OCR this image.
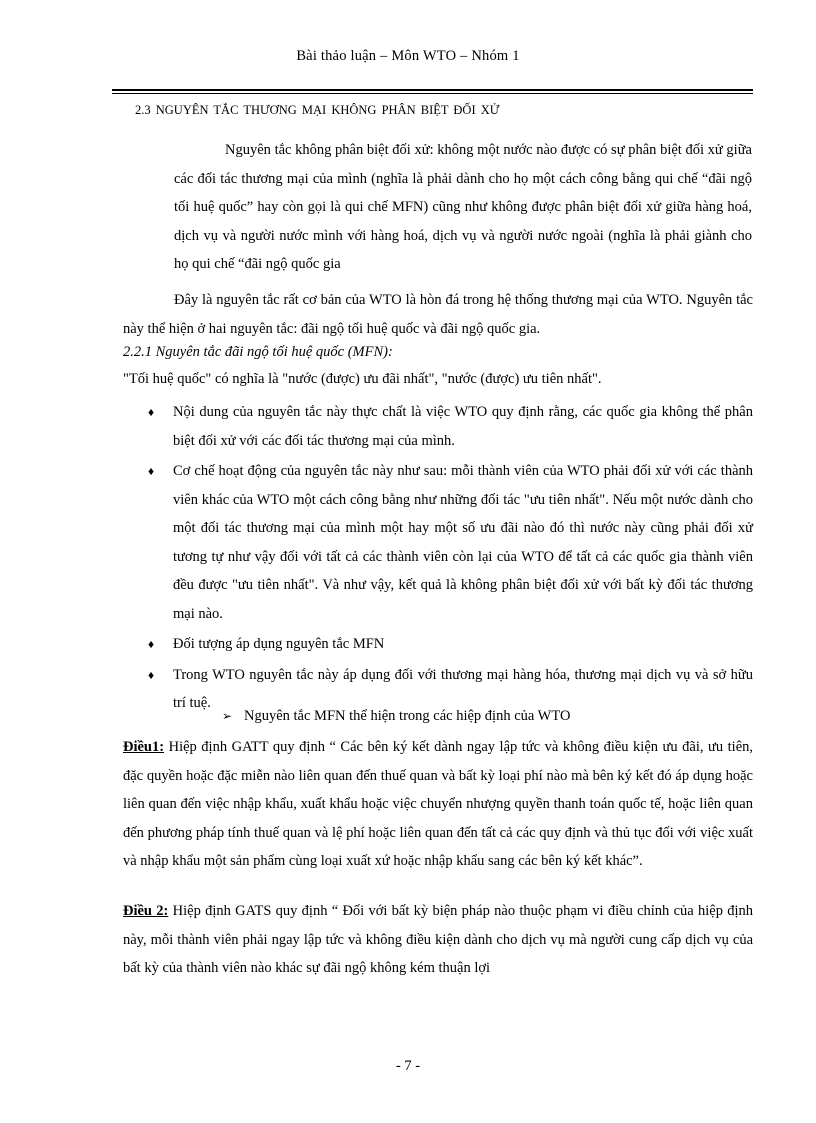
Bài thảo luận – Môn WTO – Nhóm 1
2.3 NGUYÊN TẮC THƯƠNG MẠI KHÔNG PHÂN BIỆT ĐỐI XỬ
Nguyên tắc không phân biệt đối xử: không một nước nào được có sự phân biệt đối xử giữa các đối tác thương mại của mình (nghĩa là phải dành cho họ một cách công bằng qui chế “đãi ngộ tối huệ quốc” hay còn gọi là qui chế MFN) cũng như không được phân biệt đối xử giữa hàng hoá, dịch vụ và người nước mình với hàng hoá, dịch vụ và người nước ngoài (nghĩa là phải giành cho họ qui chế “đãi ngộ quốc gia
Đây là nguyên tắc rất cơ bản của WTO là hòn đá trong hệ thống thương mại của WTO. Nguyên tắc này thể hiện ở hai nguyên tắc: đãi ngộ tối huệ quốc và đãi ngộ quốc gia.
2.2.1 Nguyên tắc đãi ngộ tối huệ quốc (MFN):
"Tối huệ quốc" có nghĩa là "nước (được) ưu đãi nhất", "nước (được) ưu tiên nhất".
♦ Nội dung của nguyên tắc này thực chất là việc WTO quy định rằng, các quốc gia không thể phân biệt đối xử với các đối tác thương mại của mình.
♦ Cơ chế hoạt động của nguyên tắc này như sau: mỗi thành viên của WTO phải đối xử với các thành viên khác của WTO một cách công bằng như những đối tác "ưu tiên nhất". Nếu một nước dành cho một đối tác thương mại của mình một hay một số ưu đãi nào đó thì nước này cũng phải đối xử tương tự như vậy đối với tất cả các thành viên còn lại của WTO để tất cả các quốc gia thành viên đều được "ưu tiên nhất". Và như vậy, kết quả là không phân biệt đối xử với bất kỳ đối tác thương mại nào.
♦ Đối tượng áp dụng nguyên tắc MFN
♦ Trong WTO nguyên tắc này áp dụng đối với thương mại hàng hóa, thương mại dịch vụ và sở hữu trí tuệ.
➢ Nguyên tắc MFN thể hiện trong các hiệp định của WTO
Điều1: Hiệp định GATT quy định “ Các bên ký kết dành ngay lập tức và không điều kiện ưu đãi, ưu tiên, đặc quyền hoặc đặc miễn nào liên quan đến thuế quan và bất kỳ loại phí nào mà bên ký kết đó áp dụng hoặc liên quan đến việc nhập khẩu, xuất khẩu hoặc việc chuyển nhượng quyền thanh toán quốc tế, hoặc liên quan đến phương pháp tính thuế quan và lệ phí hoặc liên quan đến tất cả các quy định và thủ tục đối với việc xuất và nhập khẩu một sản phẩm cùng loại xuất xứ hoặc nhập khẩu sang các bên ký kết khác”.
Điều 2: Hiệp định GATS quy định “ Đối với bất kỳ biện pháp nào thuộc phạm vi điều chỉnh của hiệp định này, mỗi thành viên phải ngay lập tức và không điều kiện dành cho dịch vụ mà người cung cấp dịch vụ của bất kỳ của thành viên nào khác sự đãi ngộ không kém thuận lợi
- 7 -
